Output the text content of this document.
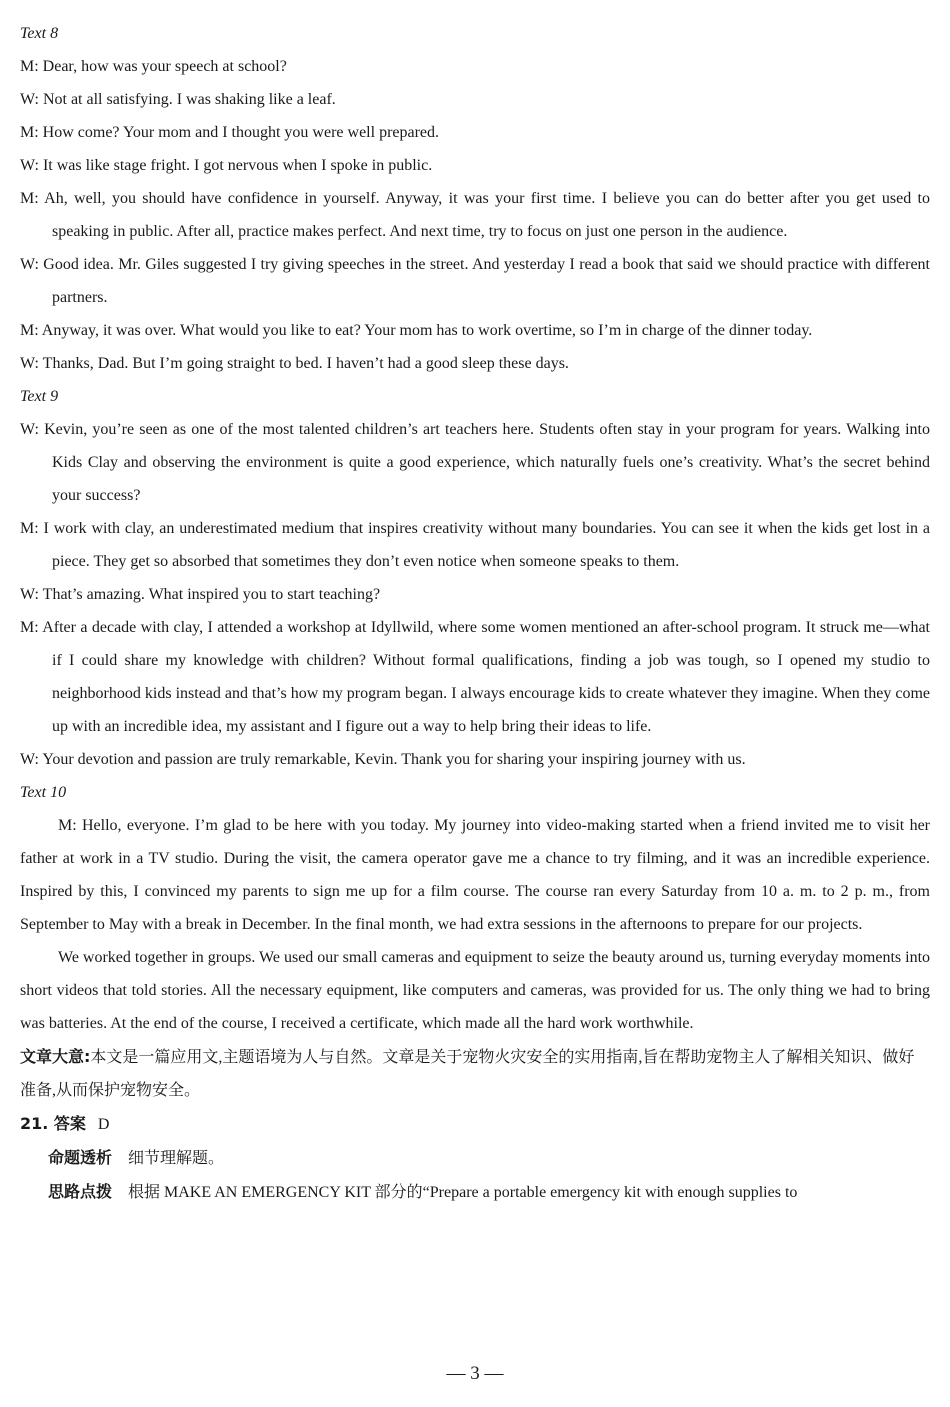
Text 8
M: Dear, how was your speech at school?
W: Not at all satisfying. I was shaking like a leaf.
M: How come? Your mom and I thought you were well prepared.
W: It was like stage fright. I got nervous when I spoke in public.
M: Ah, well, you should have confidence in yourself. Anyway, it was your first time. I believe you can do better after you get used to speaking in public. After all, practice makes perfect. And next time, try to focus on just one person in the audience.
W: Good idea. Mr. Giles suggested I try giving speeches in the street. And yesterday I read a book that said we should practice with different partners.
M: Anyway, it was over. What would you like to eat? Your mom has to work overtime, so I’m in charge of the dinner today.
W: Thanks, Dad. But I’m going straight to bed. I haven’t had a good sleep these days.
Text 9
W: Kevin, you’re seen as one of the most talented children’s art teachers here. Students often stay in your program for years. Walking into Kids Clay and observing the environment is quite a good experience, which naturally fuels one’s creativity. What’s the secret behind your success?
M: I work with clay, an underestimated medium that inspires creativity without many boundaries. You can see it when the kids get lost in a piece. They get so absorbed that sometimes they don’t even notice when someone speaks to them.
W: That’s amazing. What inspired you to start teaching?
M: After a decade with clay, I attended a workshop at Idyllwild, where some women mentioned an after-school program. It struck me—what if I could share my knowledge with children? Without formal qualifications, finding a job was tough, so I opened my studio to neighborhood kids instead and that’s how my program began. I always encourage kids to create whatever they imagine. When they come up with an incredible idea, my assistant and I figure out a way to help bring their ideas to life.
W: Your devotion and passion are truly remarkable, Kevin. Thank you for sharing your inspiring journey with us.
Text 10
M: Hello, everyone. I’m glad to be here with you today. My journey into video-making started when a friend invited me to visit her father at work in a TV studio. During the visit, the camera operator gave me a chance to try filming, and it was an incredible experience. Inspired by this, I convinced my parents to sign me up for a film course. The course ran every Saturday from 10 a. m. to 2 p. m., from September to May with a break in December. In the final month, we had extra sessions in the afternoons to prepare for our projects.
We worked together in groups. We used our small cameras and equipment to seize the beauty around us, turning everyday moments into short videos that told stories. All the necessary equipment, like computers and cameras, was provided for us. The only thing we had to bring was batteries. At the end of the course, I received a certificate, which made all the hard work worthwhile.
文章大意:本文是一篇应用文,主题语境为人与自然。文章是关于宠物火灾安全的实用指南,旨在帮助宠物主人了解相关知识、做好准备,从而保护宠物安全。
21. 答案 D
命题透析 细节理解题。
思路点拨 根据 MAKE AN EMERGENCY KIT 部分的“Prepare a portable emergency kit with enough supplies to
— 3 —
